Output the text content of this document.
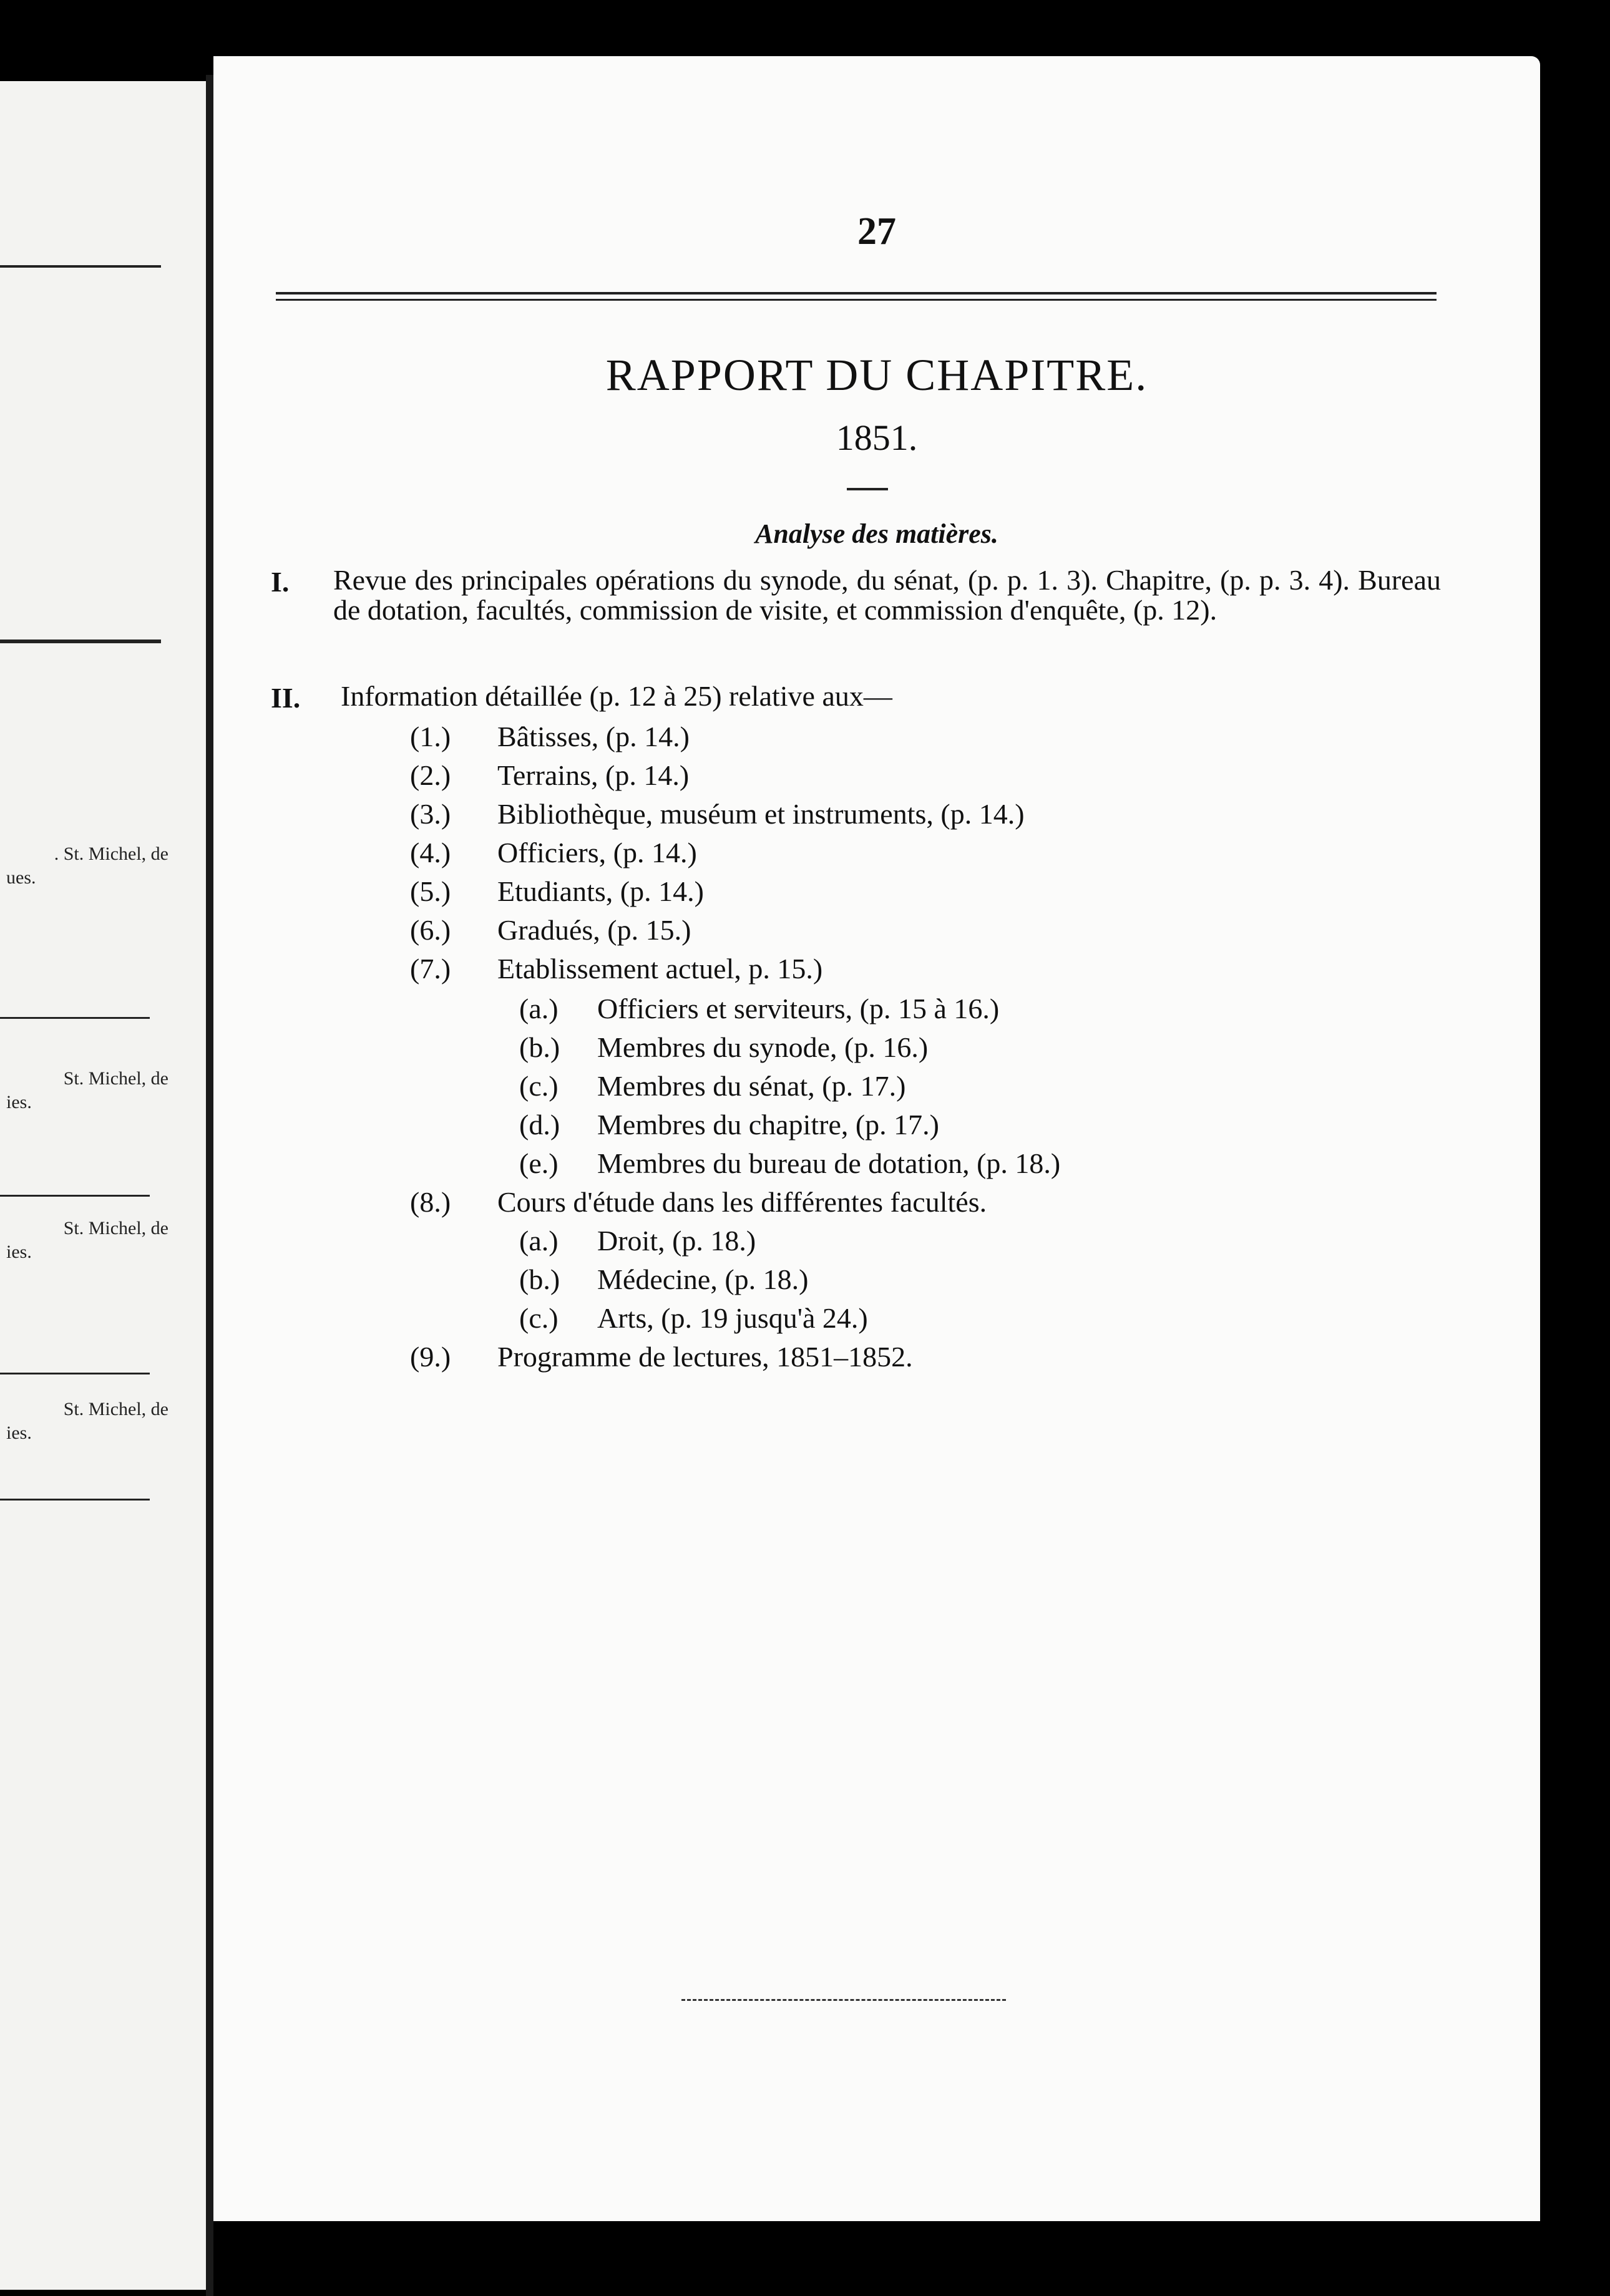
. St. Michel, de
ues.
St. Michel, de
ies.
St. Michel, de
ies.
St. Michel, de
ies.
27
RAPPORT DU CHAPITRE.
1851.
Analyse des matières.
I. Revue des principales opérations du synode, du sénat, (p. p. 1. 3). Chapitre, (p. p. 3. 4). Bureau de dotation, facultés, commission de visite, et commission d'enquête, (p. 12).
II. Information détaillée (p. 12 à 25) relative aux—
(1.) Bâtisses, (p. 14.)
(2.) Terrains, (p. 14.)
(3.) Bibliothèque, muséum et instruments, (p. 14.)
(4.) Officiers, (p. 14.)
(5.) Etudiants, (p. 14.)
(6.) Gradués, (p. 15.)
(7.) Etablissement actuel, p. 15.)
(a.) Officiers et serviteurs, (p. 15 à 16.)
(b.) Membres du synode, (p. 16.)
(c.) Membres du sénat, (p. 17.)
(d.) Membres du chapitre, (p. 17.)
(e.) Membres du bureau de dotation, (p. 18.)
(8.) Cours d'étude dans les différentes facultés.
(a.) Droit, (p. 18.)
(b.) Médecine, (p. 18.)
(c.) Arts, (p. 19 jusqu'à 24.)
(9.) Programme de lectures, 1851–1852.
